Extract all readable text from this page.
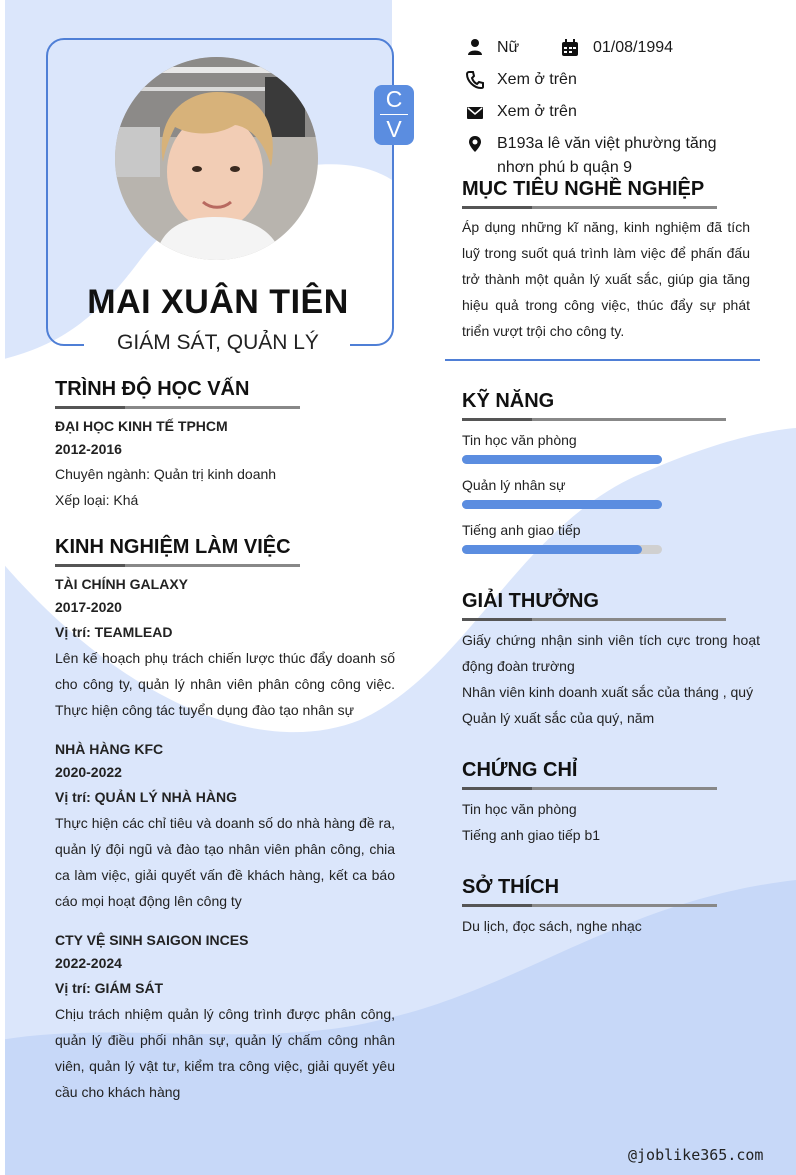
C
V
MAI XUÂN TIÊN
GIÁM SÁT, QUẢN LÝ
Nữ	01/08/1994
Xem ở trên
Xem ở trên
B193a lê văn việt phường tăng nhơn phú b quận 9
MỤC TIÊU NGHỀ NGHIỆP
Áp dụng những kĩ năng, kinh nghiệm đã tích luỹ trong suốt quá trình làm việc để phấn đấu trở thành một quản lý xuất sắc, giúp gia tăng hiệu quả trong công việc, thúc đẩy sự phát triển vượt trội cho công ty.
TRÌNH ĐỘ HỌC VẤN
ĐẠI HỌC KINH TẾ TPHCM
2012-2016
Chuyên ngành: Quản trị kinh doanh
Xếp loại: Khá
KINH NGHIỆM LÀM VIỆC
TÀI CHÍNH GALAXY
2017-2020
Vị trí: TEAMLEAD
Lên kế hoạch phụ trách chiến lược thúc đẩy doanh số cho công ty, quản lý nhân viên phân công công việc. Thực hiện công tác tuyển dụng đào tạo nhân sự
NHÀ HÀNG KFC
2020-2022
Vị trí: QUẢN LÝ NHÀ HÀNG
Thực hiện các chỉ tiêu và doanh số do nhà hàng đề ra, quản lý đội ngũ và đào tạo nhân viên phân công, chia ca làm việc, giải quyết vấn đề khách hàng, kết ca báo cáo mọi hoạt động lên công ty
CTY VỆ SINH SAIGON INCES
2022-2024
Vị trí: GIÁM SÁT
Chịu trách nhiệm quản lý công trình được phân công, quản lý điều phối nhân sự, quản lý chấm công nhân viên, quản lý vật tư, kiểm tra công việc, giải quyết yêu cầu cho khách hàng
KỸ NĂNG
Tin học văn phòng
Quản lý nhân sự
Tiếng anh giao tiếp
GIẢI THƯỞNG
Giấy chứng nhận sinh viên tích cực trong hoạt động đoàn trường
Nhân viên kinh doanh xuất sắc của tháng , quý
Quản lý xuất sắc của quý, năm
CHỨNG CHỈ
Tin học văn phòng
Tiếng anh giao tiếp b1
SỞ THÍCH
Du lịch, đọc sách, nghe nhạc
@joblike365.com
